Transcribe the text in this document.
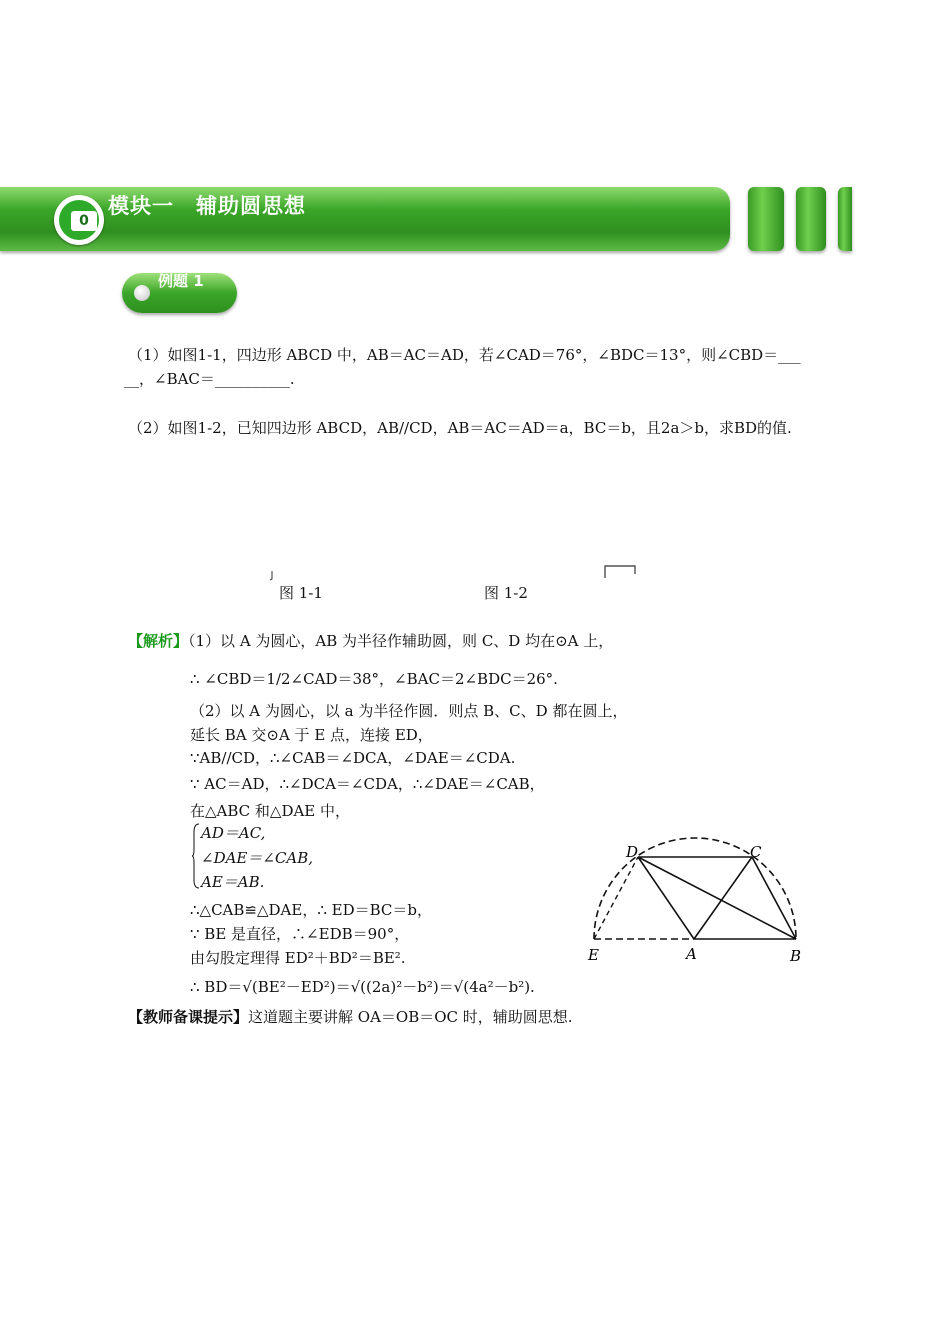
0
模块一　辅助圆思想
例题 1
（1）如图1-1，四边形 ABCD 中，AB＝AC＝AD，若∠CAD＝76°，∠BDC＝13°，则∠CBD＝___
__，∠BAC＝__________.
（2）如图1-2，已知四边形 ABCD，AB//CD，AB＝AC＝AD＝a，BC＝b，且2a＞b，求BD的值.
图 1-1	图 1-2
【解析】（1）以 A 为圆心，AB 为半径作辅助圆，则 C、D 均在⊙A 上，
∴ ∠CBD＝1/2∠CAD＝38°，∠BAC＝2∠BDC＝26°.
（2）以 A 为圆心，以 a 为半径作圆．则点 B、C、D 都在圆上，
延长 BA 交⊙A 于 E 点，连接 ED，
∵AB//CD，∴∠CAB＝∠DCA，∠DAE＝∠CDA.
∵ AC＝AD，∴∠DCA＝∠CDA，∴∠DAE＝∠CAB，
在△ABC 和△DAE 中，
AD＝AC,
∠DAE＝∠CAB,
AE＝AB.
∴△CAB≌△DAE，∴ ED＝BC＝b，
∵ BE 是直径，∴∠EDB＝90°，
由勾股定理得 ED²＋BD²＝BE².
∴ BD＝√(BE²－ED²)＝√((2a)²－b²)＝√(4a²－b²).
【教师备课提示】这道题主要讲解 OA＝OB＝OC 时，辅助圆思想.
D	C
E	A	B
